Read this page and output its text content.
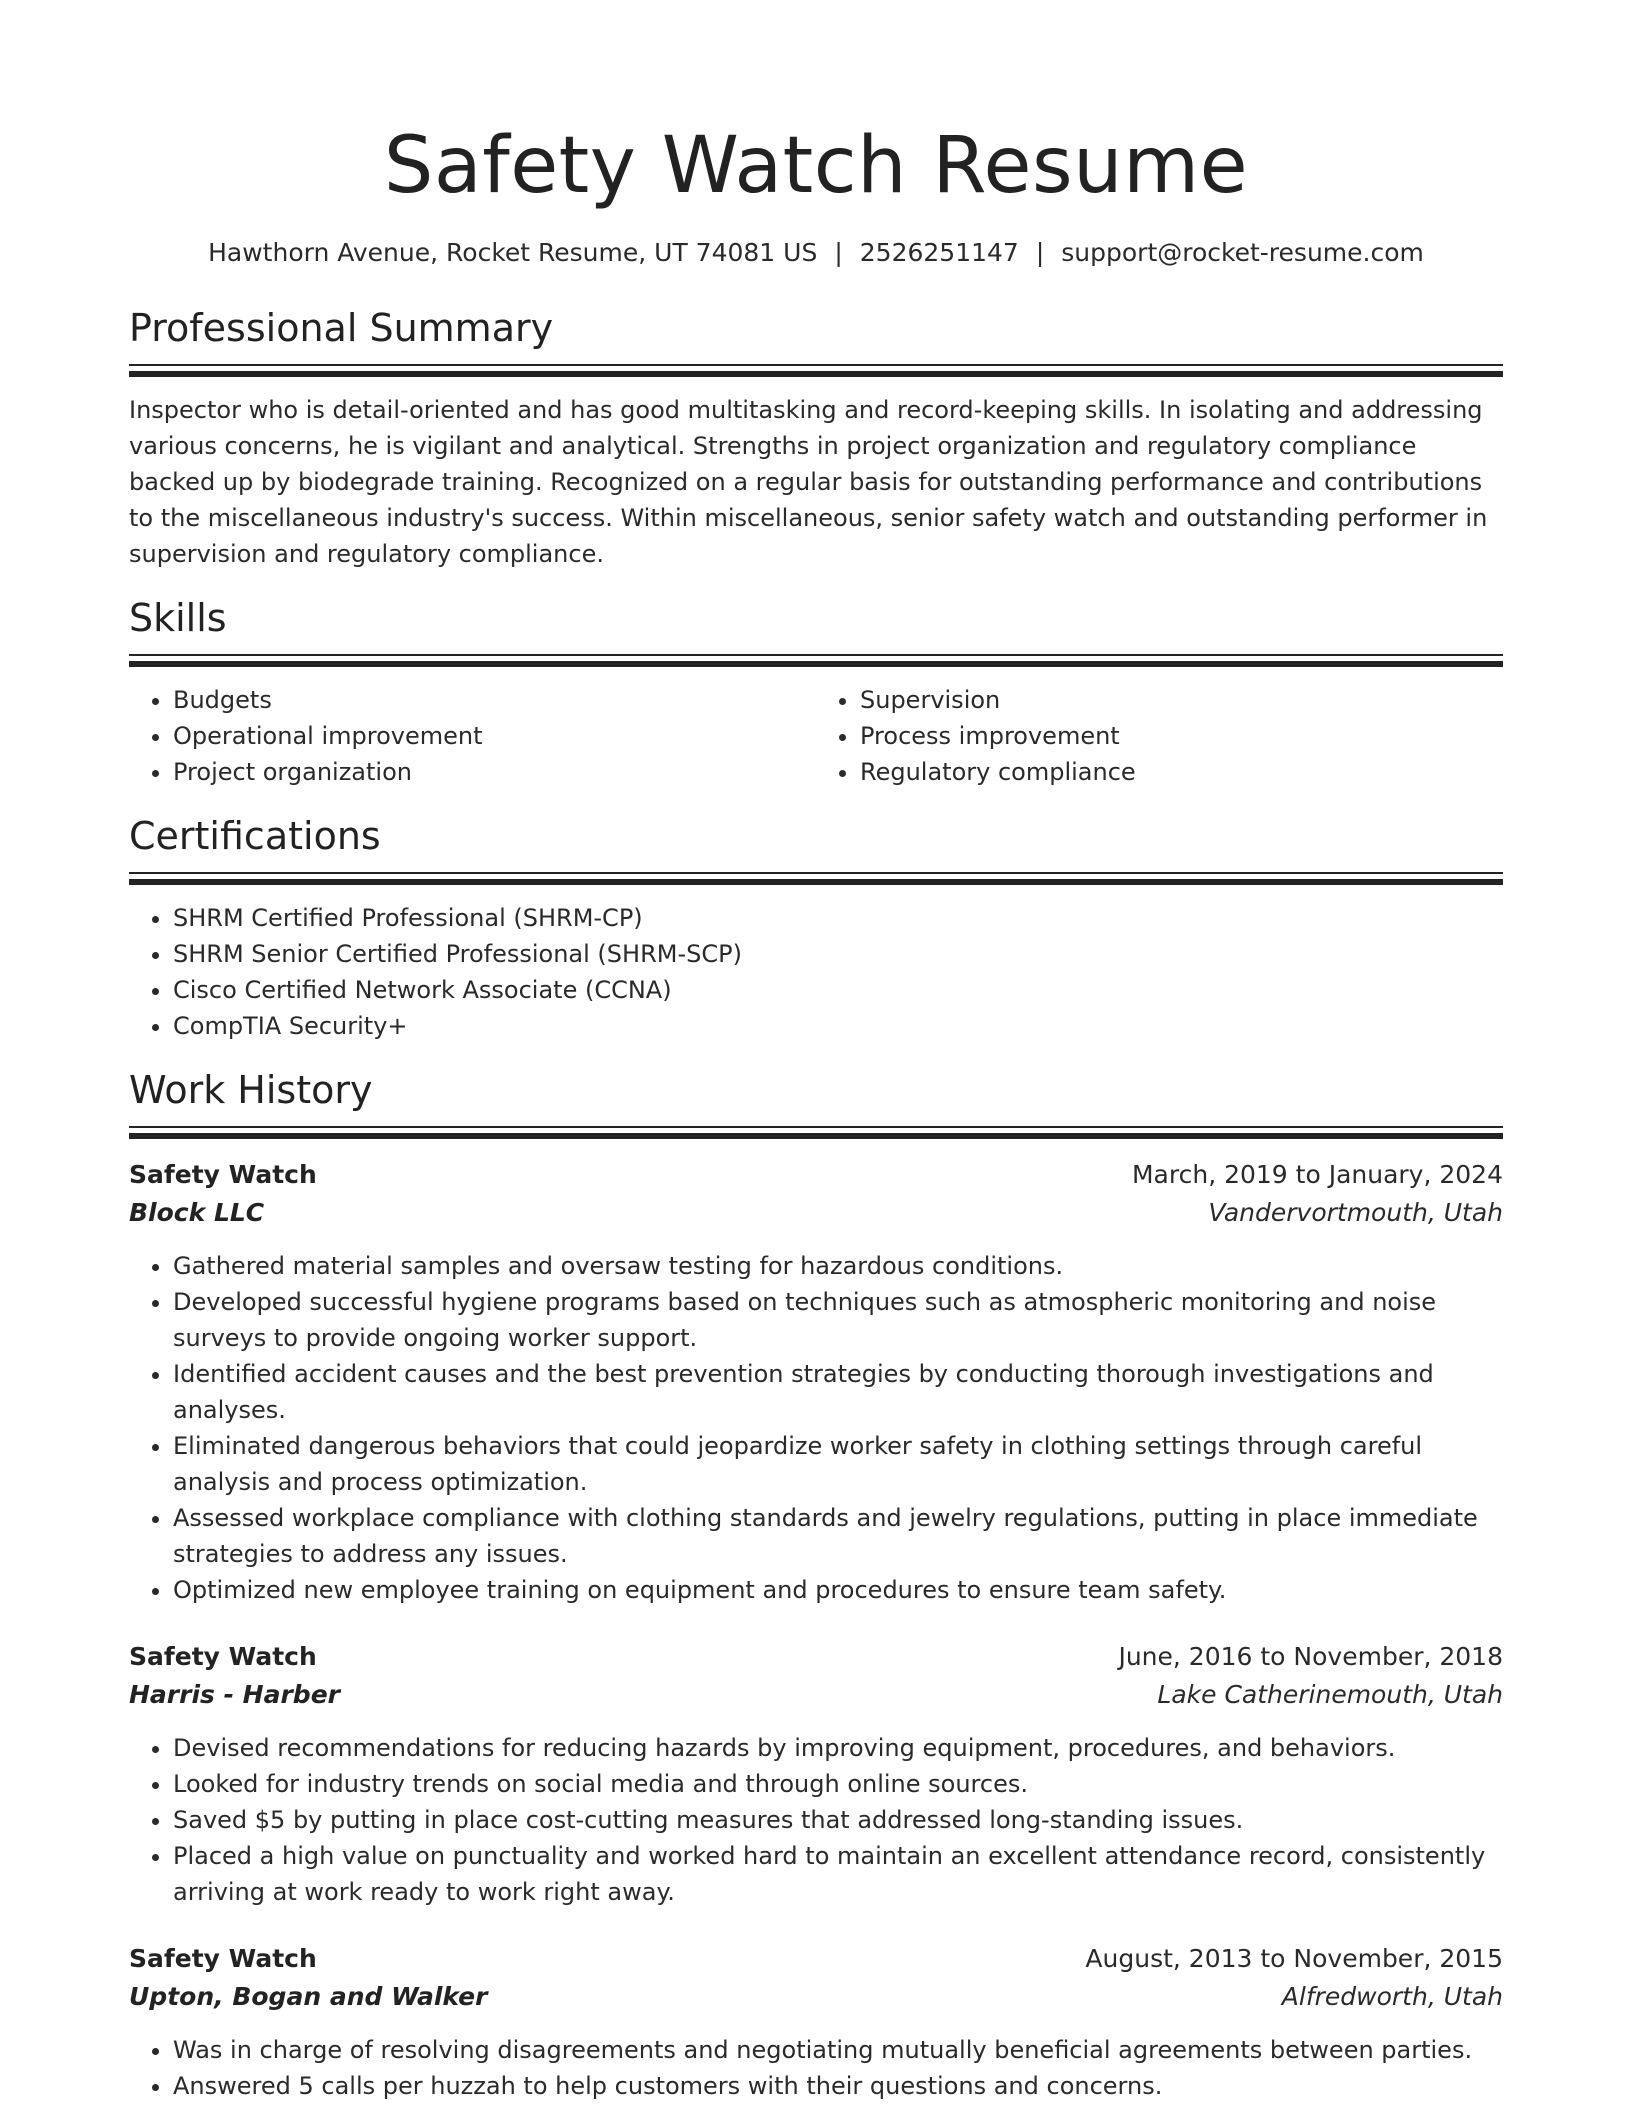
Safety Watch Resume
Hawthorn Avenue, Rocket Resume, UT 74081 US | 2526251147 | support@rocket-resume.com
Professional Summary

Inspector who is detail-oriented and has good multitasking and record-keeping skills. In isolating and addressing various concerns, he is vigilant and analytical. Strengths in project organization and regulatory compliance backed up by biodegrade training. Recognized on a regular basis for outstanding performance and contributions to the miscellaneous industry's success. Within miscellaneous, senior safety watch and outstanding performer in supervision and regulatory compliance.

Skills
• Budgets
• Operational improvement
• Project organization
• Supervision
• Process improvement
• Regulatory compliance
Certifications
• SHRM Certified Professional (SHRM-CP)
• SHRM Senior Certified Professional (SHRM-SCP)
• Cisco Certified Network Associate (CCNA)
• CompTIA Security+
Work History
Safety Watch	March, 2019 to January, 2024
Block LLC	Vandervortmouth, Utah
• Gathered material samples and oversaw testing for hazardous conditions.
• Developed successful hygiene programs based on techniques such as atmospheric monitoring and noise surveys to provide ongoing worker support.
• Identified accident causes and the best prevention strategies by conducting thorough investigations and analyses.
• Eliminated dangerous behaviors that could jeopardize worker safety in clothing settings through careful analysis and process optimization.
• Assessed workplace compliance with clothing standards and jewelry regulations, putting in place immediate strategies to address any issues.
• Optimized new employee training on equipment and procedures to ensure team safety.
Safety Watch	June, 2016 to November, 2018
Harris - Harber	Lake Catherinemouth, Utah
• Devised recommendations for reducing hazards by improving equipment, procedures, and behaviors.
• Looked for industry trends on social media and through online sources.
• Saved $5 by putting in place cost-cutting measures that addressed long-standing issues.
• Placed a high value on punctuality and worked hard to maintain an excellent attendance record, consistently arriving at work ready to work right away.
Safety Watch	August, 2013 to November, 2015
Upton, Bogan and Walker	Alfredworth, Utah
• Was in charge of resolving disagreements and negotiating mutually beneficial agreements between parties.
• Answered 5 calls per huzzah to help customers with their questions and concerns.
